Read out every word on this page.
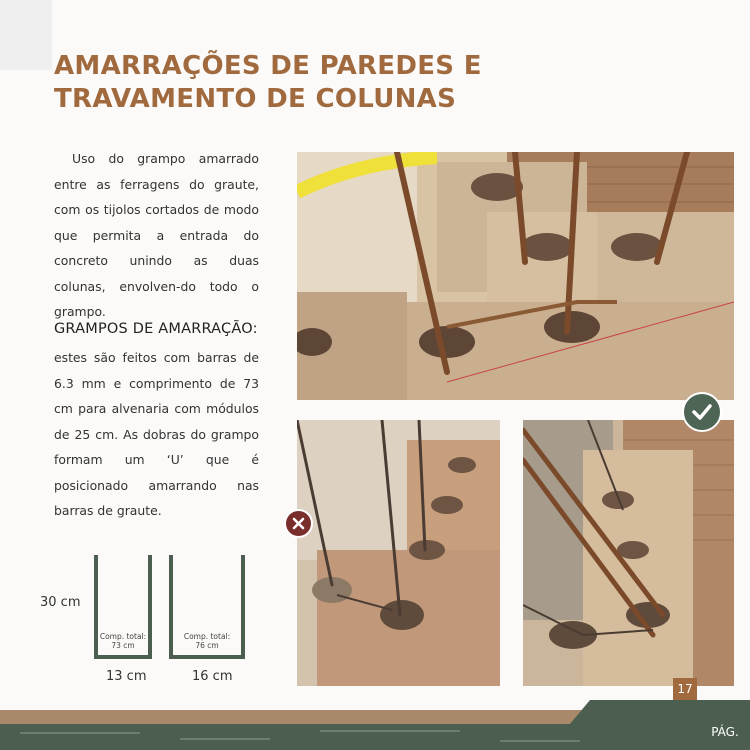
AMARRAÇÕES DE PAREDES E
TRAVAMENTO DE COLUNAS

Uso do grampo amarrado entre as ferragens do graute, com os tijolos cortados de modo que permita a entrada do concreto unindo as duas colunas, envolven-do todo o grampo.

GRAMPOS DE AMARRAÇÃO:
estes são feitos com barras de 6.3 mm e comprimento de 73 cm para alvenaria com módulos de 25 cm. As dobras do grampo formam um ‘U’ que é posicionado amarrando nas barras de graute.
30 cm
Comp. total:
73 cm
Comp. total:
76 cm
13 cm	16 cm
17
PÁG.
